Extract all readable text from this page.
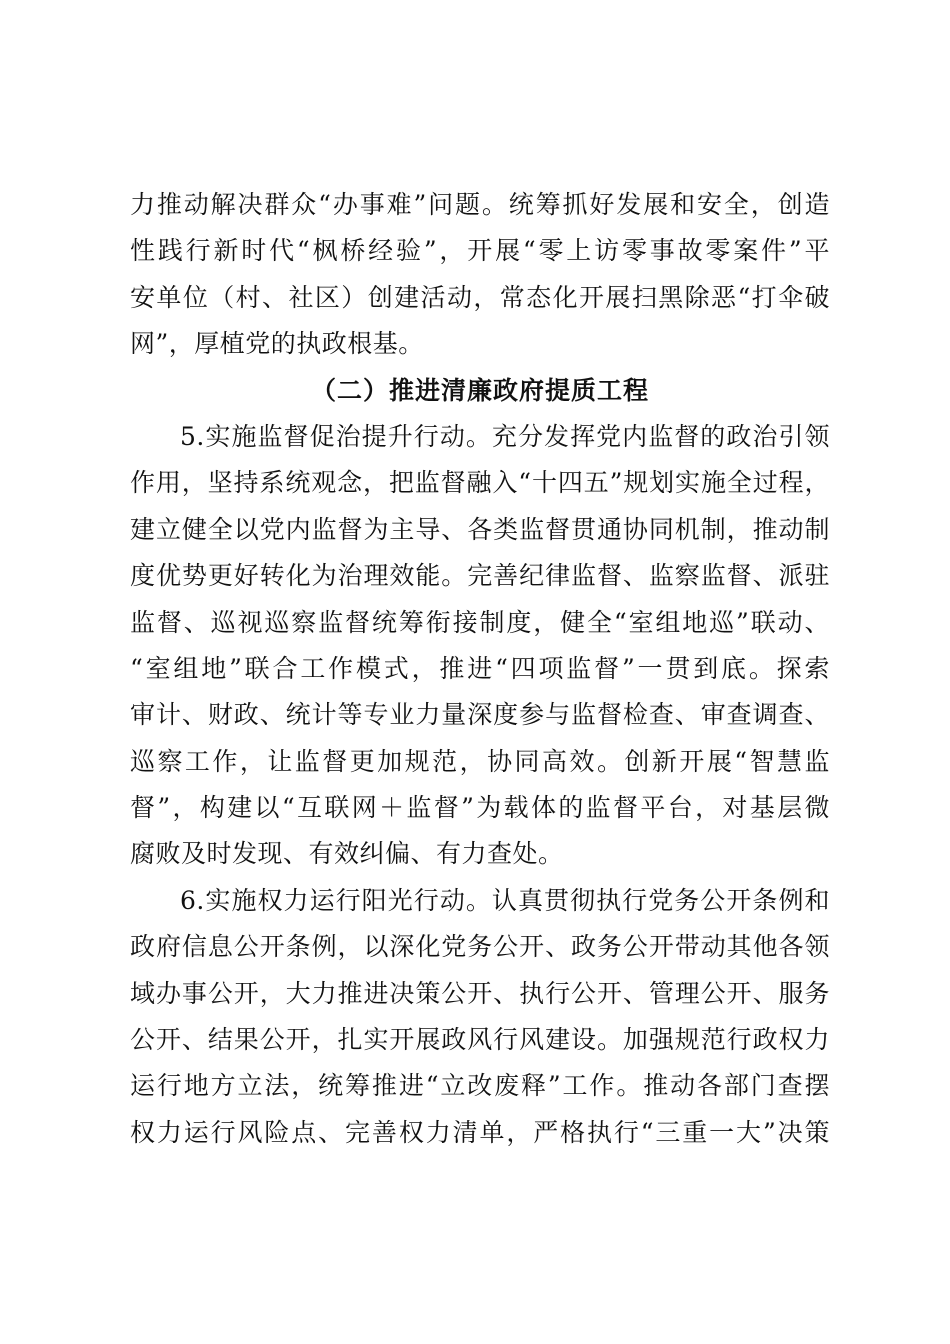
力推动解决群众“办事难”问题。统筹抓好发展和安全，创造
性践行新时代“枫桥经验”，开展“零上访零事故零案件”平
安单位（村、社区）创建活动，常态化开展扫黑除恶“打伞破
网”，厚植党的执政根基。
（二）推进清廉政府提质工程
5.实施监督促治提升行动。充分发挥党内监督的政治引领
作用，坚持系统观念，把监督融入“十四五”规划实施全过程，
建立健全以党内监督为主导、各类监督贯通协同机制，推动制
度优势更好转化为治理效能。完善纪律监督、监察监督、派驻
监督、巡视巡察监督统筹衔接制度，健全“室组地巡”联动、
“室组地”联合工作模式，推进“四项监督”一贯到底。探索
审计、财政、统计等专业力量深度参与监督检查、审查调查、
巡察工作，让监督更加规范，协同高效。创新开展“智慧监
督”，构建以“互联网＋监督”为载体的监督平台，对基层微
腐败及时发现、有效纠偏、有力查处。
6.实施权力运行阳光行动。认真贯彻执行党务公开条例和
政府信息公开条例，以深化党务公开、政务公开带动其他各领
域办事公开，大力推进决策公开、执行公开、管理公开、服务
公开、结果公开，扎实开展政风行风建设。加强规范行政权力
运行地方立法，统筹推进“立改废释”工作。推动各部门查摆
权力运行风险点、完善权力清单，严格执行“三重一大”决策
